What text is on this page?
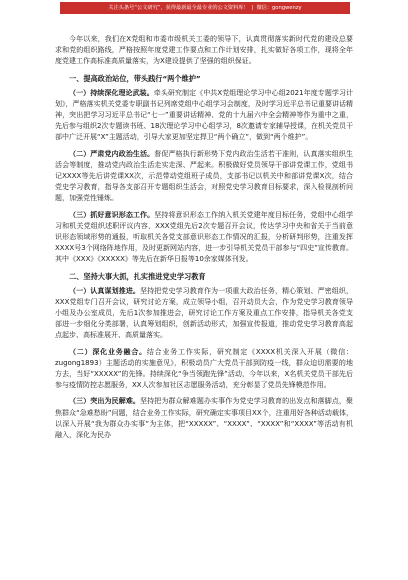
关注头条号“公文研究”，获得最新最全最专业的公文资料库！ | 微信：gongwenzy

今年以来，我们在X党组和市委市级机关工委的领导下，认真贯彻落实新时代党的建设总要求和党的组织路线，严格按照年度党建工作要点和工作计划安排，扎实做好各项工作，现将全年度党建工作高标准高质量落实，为X建设提供了坚强的组织保证。

一、提高政治站位，带头践行“两个维护”

（一）持续深化理论武装。牵头研究制定《中共X党组理论学习中心组2021年度专题学习计划》，严格落实机关党委专职副书记列席党组中心组学习会制度，及时学习近平总书记重要讲话精神，突出把学习习近平总书记“七一”重要讲话精神、党的十九届六中全会精神等作为重中之重，先后参与组织2次专题读书班、18次理论学习中心组学习，8次邀请专家辅导授课，在机关党员干部中广泛开展“X”主题活动，引导大家更加坚定捍卫“两个确立”，做到“两个维护”。

（二）严肃党内政治生活。督促严格执行新形势下党内政治生活若干准则，认真落实组织生活会等制度，推动党内政治生活走实走深、严起来。积极做好党员领导干部讲党课工作，党组书记XXXX等先后讲党课XX次，示范带动党组班子成员，支部书记以机关中和部讲党课X次，结合党史学习教育，指导各支部召开专题组织生活会，对照党史学习教育目标要求，深入检视剖析问题，加强党性锤炼。

（三）抓好意识形态工作。坚持将意识形态工作纳入机关党建年度目标任务，党组中心组学习和机关党组织述职评议内容，XXX党组先后2次专题召开会议，传达学习中央和省关于当前意识形态领域形势的通报，听取机关各党支部意识形态工作情况的汇报，分析研判形势，注重发挥XXXX号3个网络阵地作用，及时更新网站内容，进一步引导机关党员干部参与“四史”宣传教育。其中《XXX》《XXXXX》等先后在新华日报等10余家媒体刊发。

二、坚持大事大抓，扎实推进党史学习教育

（一）认真谋划推进。坚持把党史学习教育作为一项重大政治任务，精心策划、严密组织，XXX党组专门召开会议，研究讨论方案，成立领导小组，召开动员大会，作为党史学习教育领导小组及办公室成员，先后1次参加推进会，研究讨论工作方案及重点工作安排，指导机关各党支部进一步细化分类部署，认真筹划组织，创新活动形式，加强宣传报道，推动党史学习教育高起点起步、高标准展开、高质量落实。

（二）深化业务融合。结合业务工作实际，研究制定《XXXX机关深入开展（微信：zugong1893）主题活动的实施意见》，积极动员广大党员干部到防疫一线，群众迫切需要的地方去，当好“XXXXX”的先锋。持续深化“争当领跑先锋”活动，今年以来，X名机关党员干部先后参与疫情防控志愿服务，XX人次参加社区志愿服务活动，充分彰显了党员先锋模范作用。

（三）突出为民解难。坚持把为群众解难题办实事作为党史学习教育的出发点和落脚点，聚焦群众“急难愁盼”问题，结合业务工作实际，研究确定实事项目XX个，注重用好各种活动载体，以深入开展“我为群众办实事”为主体，把“XXXXX”、“XXXX”、“XXXX”和“XXXX”等活动有机融入，深化为民办
